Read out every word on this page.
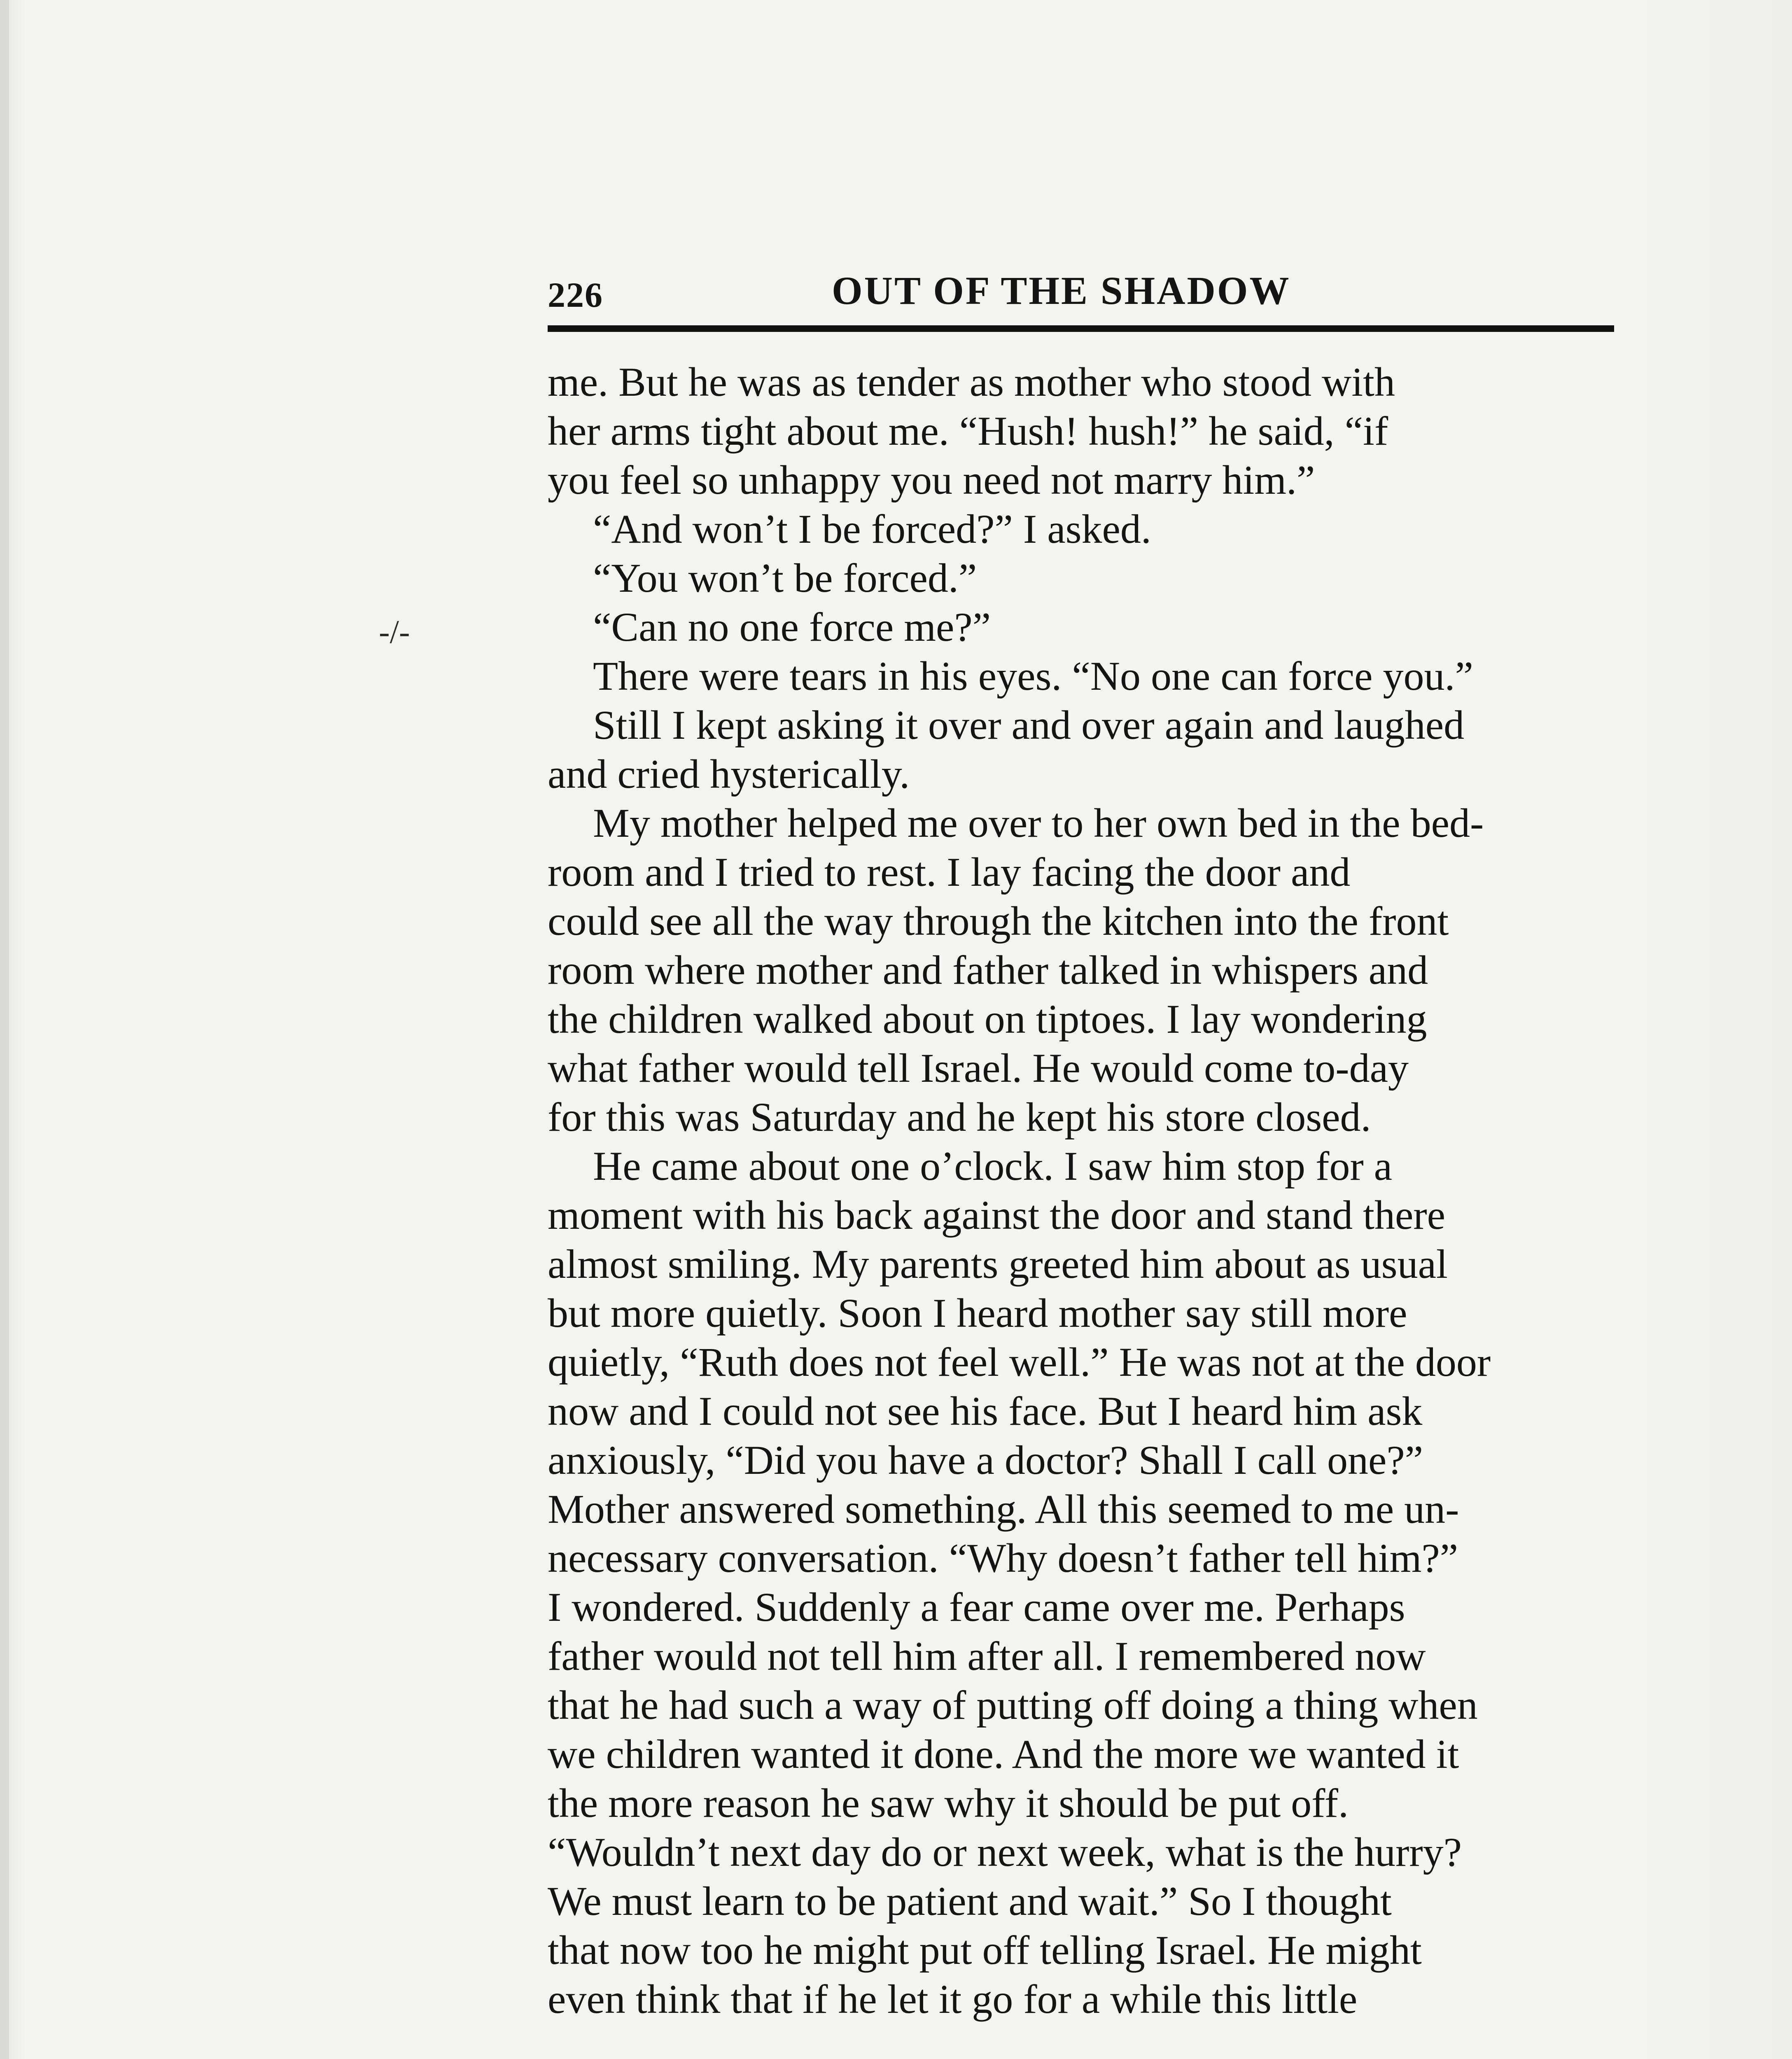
226	OUT OF THE SHADOW
-/-
me. But he was as tender as mother who stood with
her arms tight about me. “Hush! hush!” he said, “if
you feel so unhappy you need not marry him.”
“And won’t I be forced?” I asked.
“You won’t be forced.”
“Can no one force me?”
There were tears in his eyes. “No one can force you.”
Still I kept asking it over and over again and laughed
and cried hysterically.
My mother helped me over to her own bed in the bed-
room and I tried to rest. I lay facing the door and
could see all the way through the kitchen into the front
room where mother and father talked in whispers and
the children walked about on tiptoes. I lay wondering
what father would tell Israel. He would come to-day
for this was Saturday and he kept his store closed.
He came about one o’clock. I saw him stop for a
moment with his back against the door and stand there
almost smiling. My parents greeted him about as usual
but more quietly. Soon I heard mother say still more
quietly, “Ruth does not feel well.” He was not at the door
now and I could not see his face. But I heard him ask
anxiously, “Did you have a doctor? Shall I call one?”
Mother answered something. All this seemed to me un-
necessary conversation. “Why doesn’t father tell him?”
I wondered. Suddenly a fear came over me. Perhaps
father would not tell him after all. I remembered now
that he had such a way of putting off doing a thing when
we children wanted it done. And the more we wanted it
the more reason he saw why it should be put off.
“Wouldn’t next day do or next week, what is the hurry?
We must learn to be patient and wait.” So I thought
that now too he might put off telling Israel. He might
even think that if he let it go for a while this little
